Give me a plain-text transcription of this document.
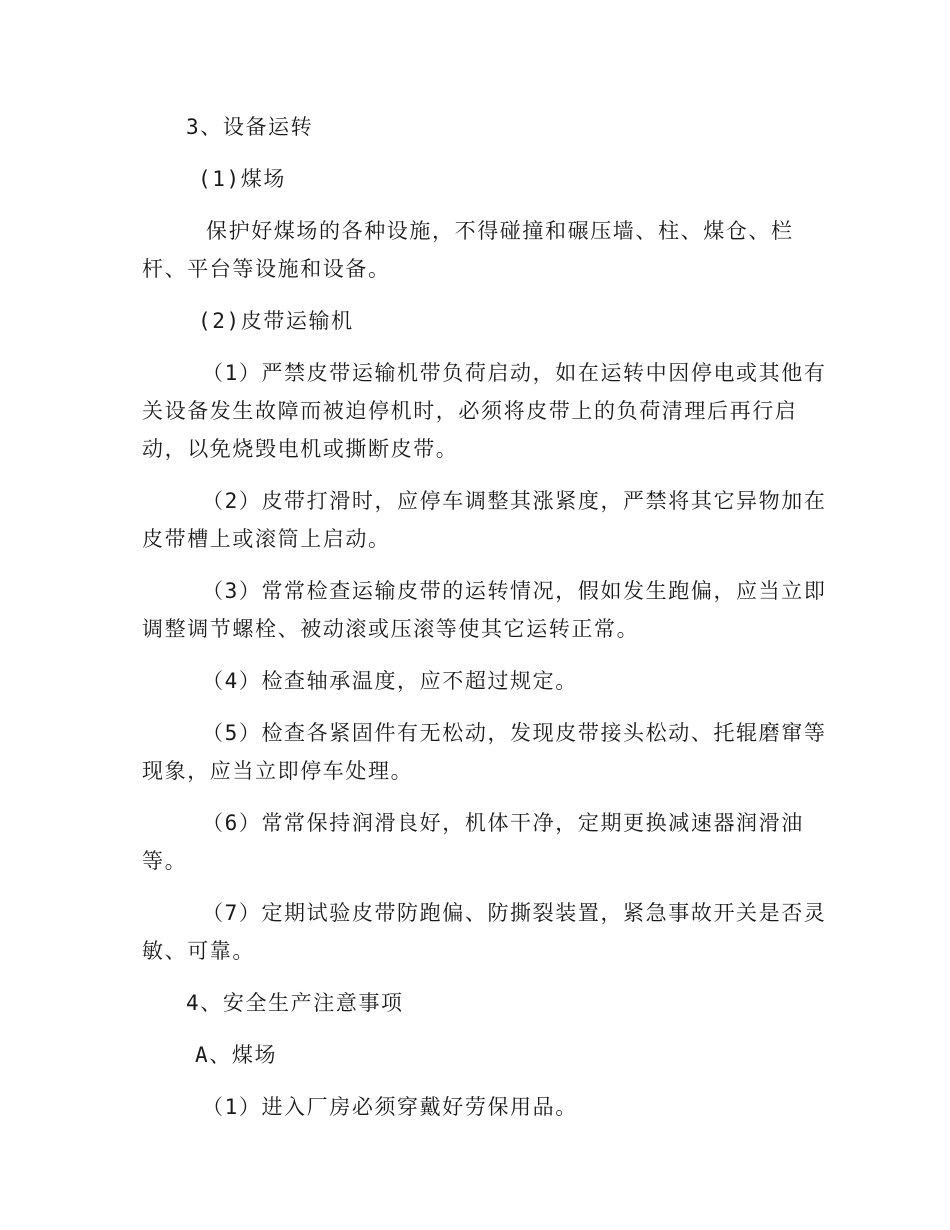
3、设备运转

(1)煤场

保护好煤场的各种设施，不得碰撞和碾压墙、柱、煤仓、栏
杆、平台等设施和设备。

(2)皮带运输机

（1）严禁皮带运输机带负荷启动，如在运转中因停电或其他有
关设备发生故障而被迫停机时，必须将皮带上的负荷清理后再行启
动，以免烧毁电机或撕断皮带。

（2）皮带打滑时，应停车调整其涨紧度，严禁将其它异物加在
皮带槽上或滚筒上启动。

（3）常常检查运输皮带的运转情况，假如发生跑偏，应当立即
调整调节螺栓、被动滚或压滚等使其它运转正常。

（4）检查轴承温度，应不超过规定。

（5）检查各紧固件有无松动，发现皮带接头松动、托辊磨窜等
现象，应当立即停车处理。

（6）常常保持润滑良好，机体干净，定期更换减速器润滑油
等。

（7）定期试验皮带防跑偏、防撕裂装置，紧急事故开关是否灵
敏、可靠。

4、安全生产注意事项

A、煤场

（1）进入厂房必须穿戴好劳保用品。
